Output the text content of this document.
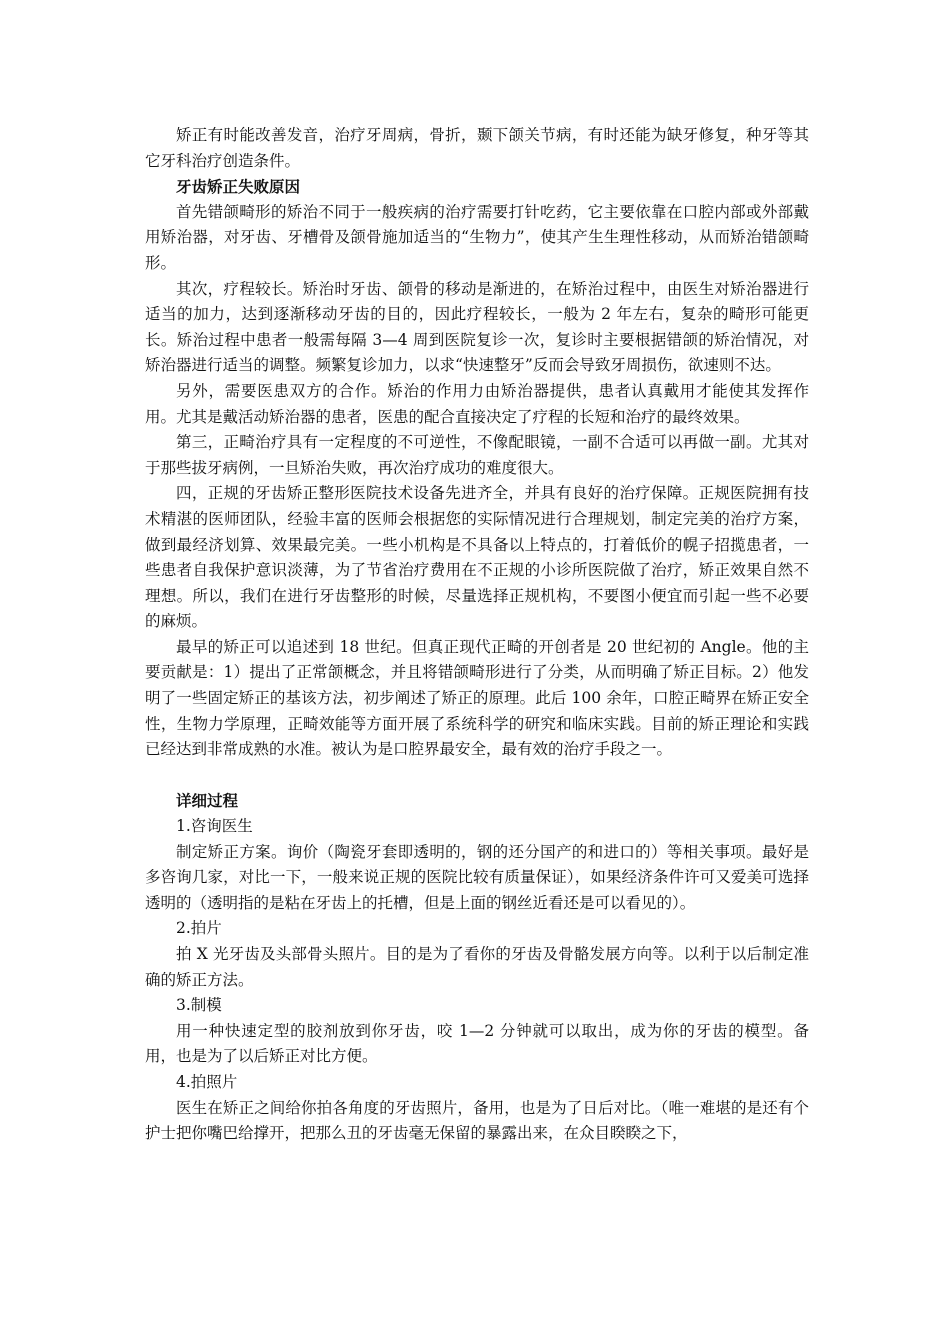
矫正有时能改善发音，治疗牙周病，骨折，颞下颌关节病，有时还能为缺牙修复，种牙等其它牙科治疗创造条件。

牙齿矫正失败原因

首先错颌畸形的矫治不同于一般疾病的治疗需要打针吃药，它主要依靠在口腔内部或外部戴用矫治器，对牙齿、牙槽骨及颌骨施加适当的“生物力”，使其产生生理性移动，从而矫治错颌畸形。

其次，疗程较长。矫治时牙齿、颌骨的移动是渐进的，在矫治过程中，由医生对矫治器进行适当的加力，达到逐渐移动牙齿的目的，因此疗程较长，一般为 2 年左右，复杂的畸形可能更长。矫治过程中患者一般需每隔 3—4 周到医院复诊一次，复诊时主要根据错颌的矫治情况，对矫治器进行适当的调整。频繁复诊加力，以求“快速整牙”反而会导致牙周损伤，欲速则不达。

另外，需要医患双方的合作。矫治的作用力由矫治器提供，患者认真戴用才能使其发挥作用。尤其是戴活动矫治器的患者，医患的配合直接决定了疗程的长短和治疗的最终效果。

第三，正畸治疗具有一定程度的不可逆性，不像配眼镜，一副不合适可以再做一副。尤其对于那些拔牙病例，一旦矫治失败，再次治疗成功的难度很大。

四，正规的牙齿矫正整形医院技术设备先进齐全，并具有良好的治疗保障。正规医院拥有技术精湛的医师团队，经验丰富的医师会根据您的实际情况进行合理规划，制定完美的治疗方案，做到最经济划算、效果最完美。一些小机构是不具备以上特点的，打着低价的幌子招揽患者，一些患者自我保护意识淡薄，为了节省治疗费用在不正规的小诊所医院做了治疗，矫正效果自然不理想。所以，我们在进行牙齿整形的时候，尽量选择正规机构，不要图小便宜而引起一些不必要的麻烦。

最早的矫正可以追述到 18 世纪。但真正现代正畸的开创者是 20 世纪初的 Angle。他的主要贡献是：1）提出了正常颌概念，并且将错颌畸形进行了分类，从而明确了矫正目标。2）他发明了一些固定矫正的基该方法，初步阐述了矫正的原理。此后 100 余年，口腔正畸界在矫正安全性，生物力学原理，正畸效能等方面开展了系统科学的研究和临床实践。目前的矫正理论和实践已经达到非常成熟的水准。被认为是口腔界最安全，最有效的治疗手段之一。

详细过程

1.咨询医生

制定矫正方案。询价（陶瓷牙套即透明的，钢的还分国产的和进口的）等相关事项。最好是多咨询几家，对比一下，一般来说正规的医院比较有质量保证），如果经济条件许可又爱美可选择透明的（透明指的是粘在牙齿上的托槽，但是上面的钢丝近看还是可以看见的）。

2.拍片

拍 X 光牙齿及头部骨头照片。目的是为了看你的牙齿及骨骼发展方向等。以利于以后制定准确的矫正方法。

3.制模

用一种快速定型的胶剂放到你牙齿，咬 1—2 分钟就可以取出，成为你的牙齿的模型。备用，也是为了以后矫正对比方便。

4.拍照片

医生在矫正之间给你拍各角度的牙齿照片，备用，也是为了日后对比。（唯一难堪的是还有个护士把你嘴巴给撑开，把那么丑的牙齿毫无保留的暴露出来，在众目睽睽之下，
